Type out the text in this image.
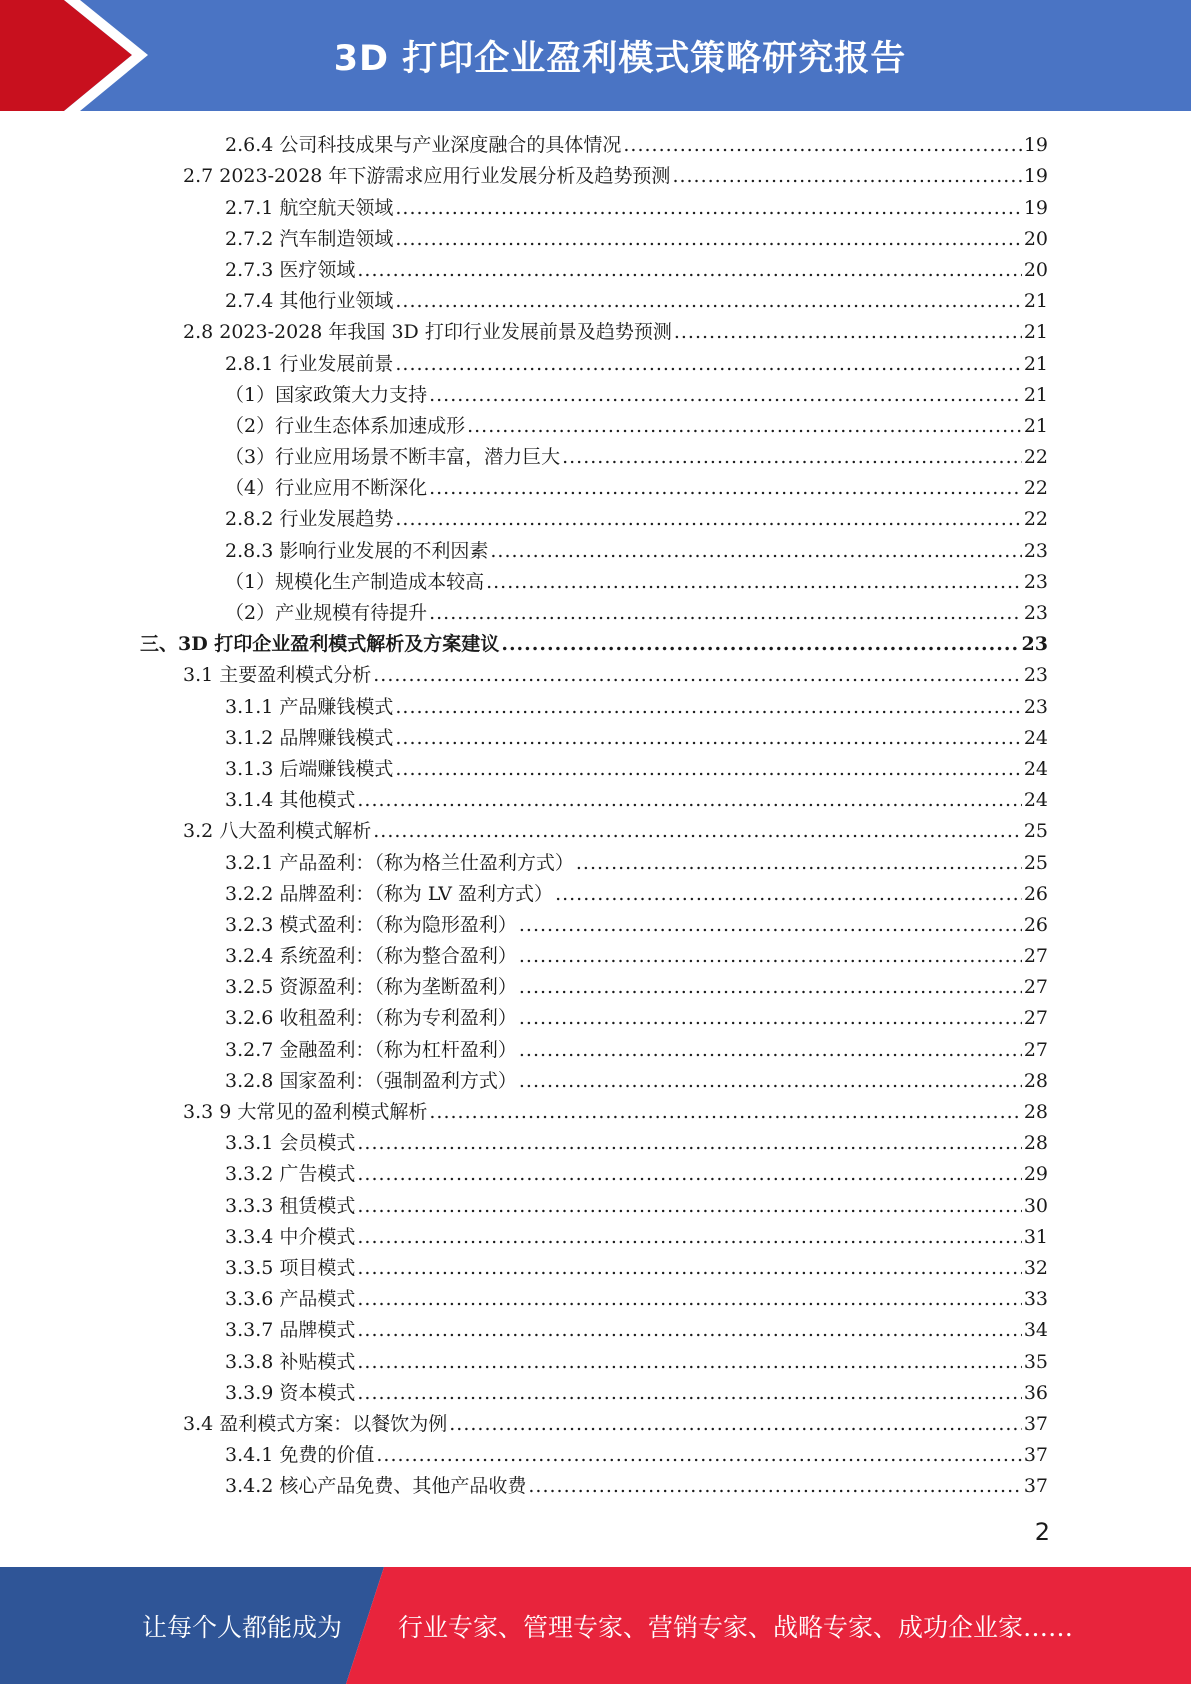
3D 打印企业盈利模式策略研究报告
2.6.4 公司科技成果与产业深度融合的具体情况 .....	19
2.7 2023-2028 年下游需求应用行业发展分析及趋势预测 .....	19
2.7.1 航空航天领域 .....	19
2.7.2 汽车制造领域 .....	20
2.7.3 医疗领域 .....	20
2.7.4 其他行业领域 .....	21
2.8 2023-2028 年我国 3D 打印行业发展前景及趋势预测 .....	21
2.8.1 行业发展前景 .....	21
（1）国家政策大力支持 .....	21
（2）行业生态体系加速成形 .....	21
（3）行业应用场景不断丰富，潜力巨大 .....	22
（4）行业应用不断深化 .....	22
2.8.2 行业发展趋势 .....	22
2.8.3 影响行业发展的不利因素 .....	23
（1）规模化生产制造成本较高 .....	23
（2）产业规模有待提升 .....	23
三、3D 打印企业盈利模式解析及方案建议 .....	23
3.1 主要盈利模式分析 .....	23
3.1.1 产品赚钱模式 .....	23
3.1.2 品牌赚钱模式 .....	24
3.1.3 后端赚钱模式 .....	24
3.1.4 其他模式 .....	24
3.2 八大盈利模式解析 .....	25
3.2.1 产品盈利：（称为格兰仕盈利方式） .....	25
3.2.2 品牌盈利：（称为 LV 盈利方式） .....	26
3.2.3 模式盈利：（称为隐形盈利） .....	26
3.2.4 系统盈利：（称为整合盈利） .....	27
3.2.5 资源盈利：（称为垄断盈利） .....	27
3.2.6 收租盈利：（称为专利盈利） .....	27
3.2.7 金融盈利：（称为杠杆盈利） .....	27
3.2.8 国家盈利：（强制盈利方式） .....	28
3.3 9 大常见的盈利模式解析 .....	28
3.3.1 会员模式 .....	28
3.3.2 广告模式 .....	29
3.3.3 租赁模式 .....	30
3.3.4 中介模式 .....	31
3.3.5 项目模式 .....	32
3.3.6 产品模式 .....	33
3.3.7 品牌模式 .....	34
3.3.8 补贴模式 .....	35
3.3.9 资本模式 .....	36
3.4 盈利模式方案：以餐饮为例 .....	37
3.4.1 免费的价值 .....	37
3.4.2 核心产品免费、其他产品收费 .....	37
2
让每个人都能成为 行业专家、管理专家、营销专家、战略专家、成功企业家……
